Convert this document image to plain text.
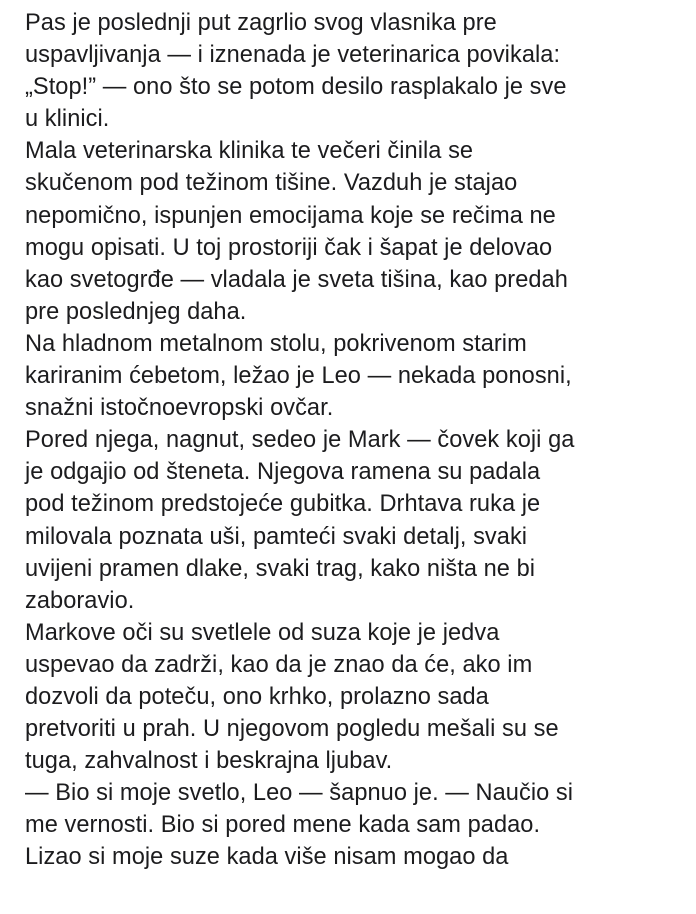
Pas je poslednji put zagrlio svog vlasnika pre
uspavljivanja — i iznenada je veterinarica povikala:
„Stop!” — ono što se potom desilo rasplakalo je sve
u klinici.
Mala veterinarska klinika te večeri činila se
skučenom pod težinom tišine. Vazduh je stajao
nepomično, ispunjen emocijama koje se rečima ne
mogu opisati. U toj prostoriji čak i šapat je delovao
kao svetogrđe — vladala je sveta tišina, kao predah
pre poslednjeg daha.
Na hladnom metalnom stolu, pokrivenom starim
kariranim ćebetom, ležao je Leo — nekada ponosni,
snažni istočnoevropski ovčar.
Pored njega, nagnut, sedeo je Mark — čovek koji ga
je odgajio od šteneta. Njegova ramena su padala
pod težinom predstojeće gubitka. Drhtava ruka je
milovala poznata uši, pamteći svaki detalj, svaki
uvijeni pramen dlake, svaki trag, kako ništa ne bi
zaboravio.
Markove oči su svetlele od suza koje je jedva
uspevao da zadrži, kao da je znao da će, ako im
dozvoli da poteču, ono krhko, prolazno sada
pretvoriti u prah. U njegovom pogledu mešali su se
tuga, zahvalnost i beskrajna ljubav.
— Bio si moje svetlo, Leo — šapnuo je. — Naučio si
me vernosti. Bio si pored mene kada sam padao.
Lizao si moje suze kada više nisam mogao da
